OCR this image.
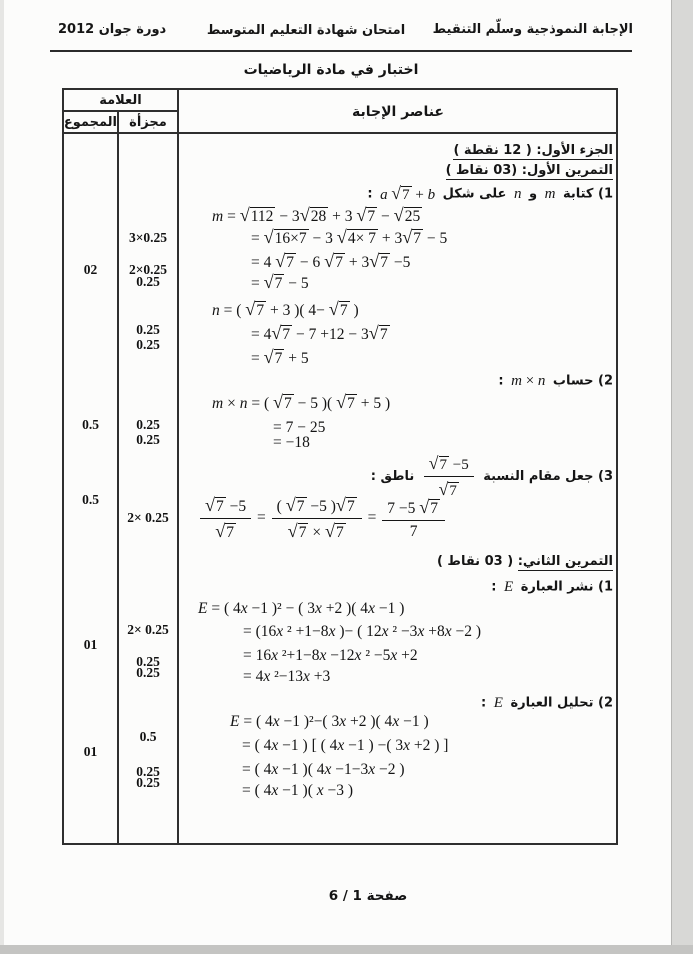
الإجابة النموذجية وسلّم التنقيط
امتحان شهادة التعليم المتوسط
دورة جوان 2012
اختبار في مادة الرياضيات
العلامة
المجموع مجزأة
عناصر الإجابة
02
0.5
0.5
01
01
3×0.25
2×0.25
0.25
0.25
0.25
0.25
0.25
2× 0.25
2× 0.25
0.25
0.25
0.5
0.25
0.25
الجزء الأول: ( 12 نقطة )
التمرين الأول: (03 نقاط )
1) كتابة m و n على شكل a √7 + b :
m = √112 − 3√28 + 3 √7 − √25
= √16×7 − 3 √4× 7 + 3√7 − 5
= 4 √7 − 6 √7 + 3√7 −5
= √7 − 5
n = ( √7 + 3 )( 4− √7 )
= 4√7 − 7 +12 − 3√7
= √7 + 5
2) حساب m × n :
m × n = ( √7 − 5 )( √7 + 5 )
= 7 − 25
= −18
3) جعل مقام النسبة
$\frac{√7 -5}{√7}$
ناطق :
$\frac{√7 -5}{√7} = \frac{( √7 -5 )√7}{√7 \times √7} = \frac{7 -5 √7}{7}$
التمرين الثاني: ( 03 نقاط )
1) نشر العبارة E :
E = ( 4x −1 )² − ( 3x +2 )( 4x −1 )
= (16x ² +1−8x )− ( 12x ² −3x +8x −2 )
= 16x ²+1−8x −12x ² −5x +2
= 4x ²−13x +3
2) تحليل العبارة E :
E = ( 4x −1 )²−( 3x +2 )( 4x −1 )
= ( 4x −1 ) [ ( 4x −1 ) −( 3x +2 ) ]
= ( 4x −1 )( 4x −1−3x −2 )
= ( 4x −1 )( x −3 )
صفحة 1 / 6
